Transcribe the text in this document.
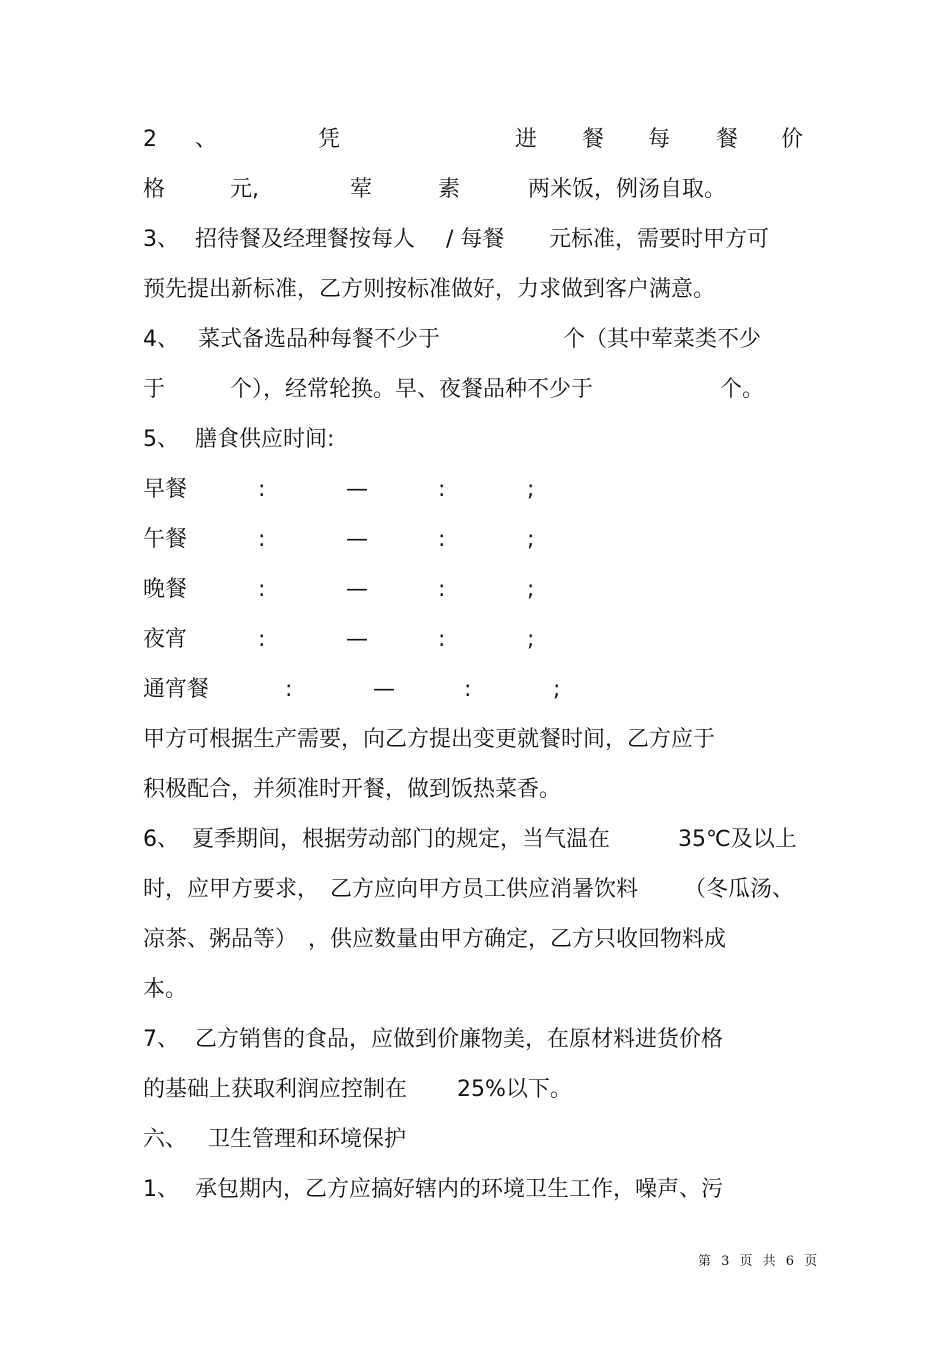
2 、	凭	进 餐 每 餐 价
格	元,	荤	素	两米饭，例汤自取。
3、 招待餐及经理餐按每人 / 每餐 元标准，需要时甲方可
预先提出新标准，乙方则按标准做好，力求做到客户满意。
4、 菜式备选品种每餐不少于	个（其中荤菜类不少
于	个），经常轮换。早、夜餐品种不少于	个。
5、 膳食供应时间:
早餐	:	—	:	;
午餐	:	—	:	;
晚餐	:	—	:	;
夜宵	:	—	:	;
通宵餐	:	—	:	;
甲方可根据生产需要，向乙方提出变更就餐时间，乙方应于
积极配合，并须准时开餐，做到饭热菜香。
6、 夏季期间，根据劳动部门的规定，当气温在	35℃及以上
时，应甲方要求， 乙方应向甲方员工供应消暑饮料 （冬瓜汤、
凉茶、粥品等） ，供应数量由甲方确定，乙方只收回物料成
本。
7、 乙方销售的食品，应做到价廉物美，在原材料进货价格
的基础上获取利润应控制在 25%以下。
六、 卫生管理和环境保护
1、 承包期内，乙方应搞好辖内的环境卫生工作，噪声、污
第 3 页 共 6 页
